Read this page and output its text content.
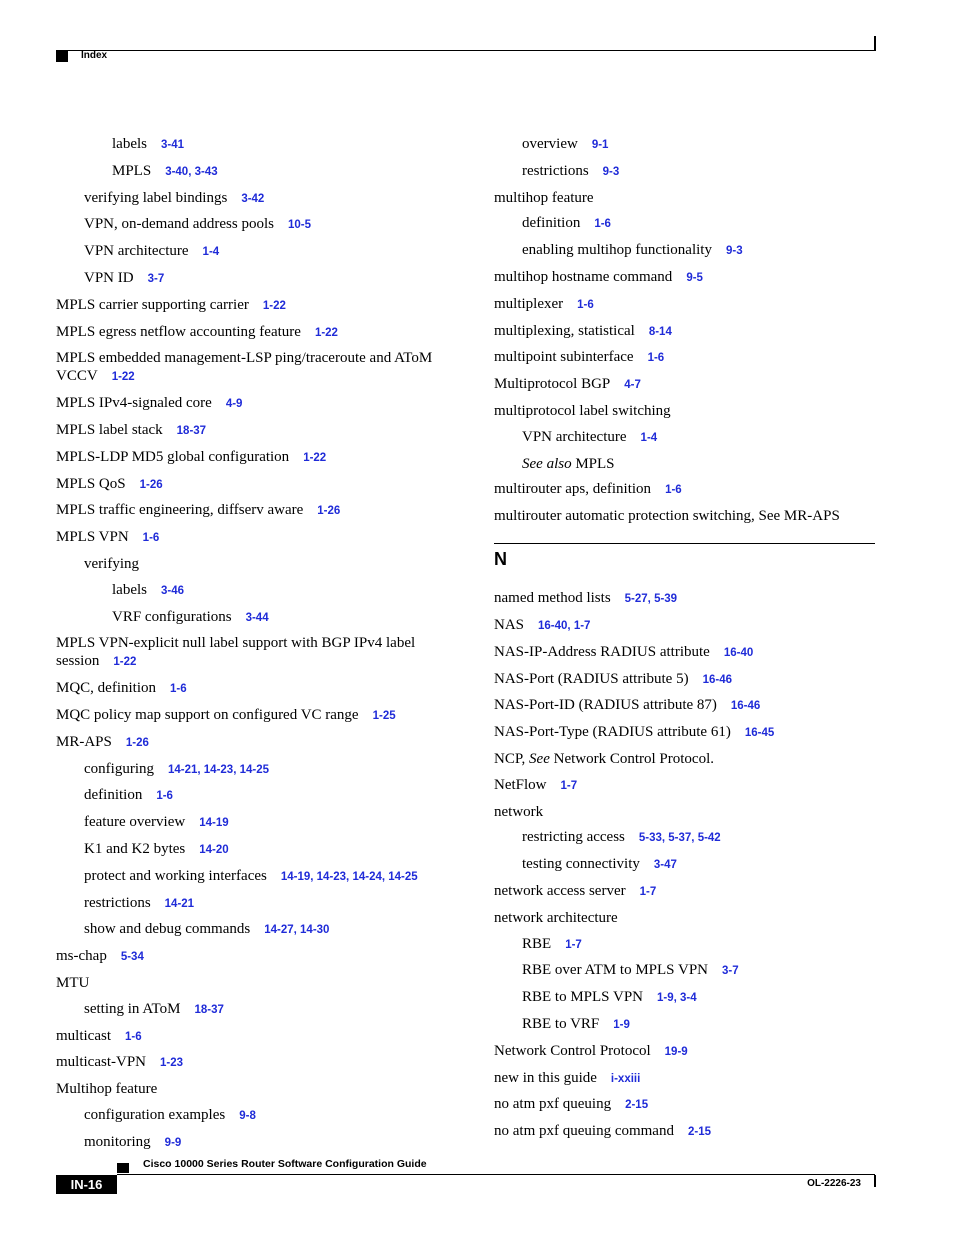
Index
labels 3-41
MPLS 3-40, 3-43
verifying label bindings 3-42
VPN, on-demand address pools 10-5
VPN architecture 1-4
VPN ID 3-7
MPLS carrier supporting carrier 1-22
MPLS egress netflow accounting feature 1-22
MPLS embedded management-LSP ping/traceroute and AToM VCCV 1-22
MPLS IPv4-signaled core 4-9
MPLS label stack 18-37
MPLS-LDP MD5 global configuration 1-22
MPLS QoS 1-26
MPLS traffic engineering, diffserv aware 1-26
MPLS VPN 1-6
verifying
labels 3-46
VRF configurations 3-44
MPLS VPN-explicit null label support with BGP IPv4 label session 1-22
MQC, definition 1-6
MQC policy map support on configured VC range 1-25
MR-APS 1-26
configuring 14-21, 14-23, 14-25
definition 1-6
feature overview 14-19
K1 and K2 bytes 14-20
protect and working interfaces 14-19, 14-23, 14-24, 14-25
restrictions 14-21
show and debug commands 14-27, 14-30
ms-chap 5-34
MTU
setting in AToM 18-37
multicast 1-6
multicast-VPN 1-23
Multihop feature
configuration examples 9-8
monitoring 9-9
overview 9-1
restrictions 9-3
multihop feature
definition 1-6
enabling multihop functionality 9-3
multihop hostname command 9-5
multiplexer 1-6
multiplexing, statistical 8-14
multipoint subinterface 1-6
Multiprotocol BGP 4-7
multiprotocol label switching
VPN architecture 1-4
See also MPLS
multirouter aps, definition 1-6
multirouter automatic protection switching, See MR-APS
N
named method lists 5-27, 5-39
NAS 16-40, 1-7
NAS-IP-Address RADIUS attribute 16-40
NAS-Port (RADIUS attribute 5) 16-46
NAS-Port-ID (RADIUS attribute 87) 16-46
NAS-Port-Type (RADIUS attribute 61) 16-45
NCP, See Network Control Protocol.
NetFlow 1-7
network
restricting access 5-33, 5-37, 5-42
testing connectivity 3-47
network access server 1-7
network architecture
RBE 1-7
RBE over ATM to MPLS VPN 3-7
RBE to MPLS VPN 1-9, 3-4
RBE to VRF 1-9
Network Control Protocol 19-9
new in this guide i-xxiii
no atm pxf queuing 2-15
no atm pxf queuing command 2-15
Cisco 10000 Series Router Software Configuration Guide
IN-16	OL-2226-23
